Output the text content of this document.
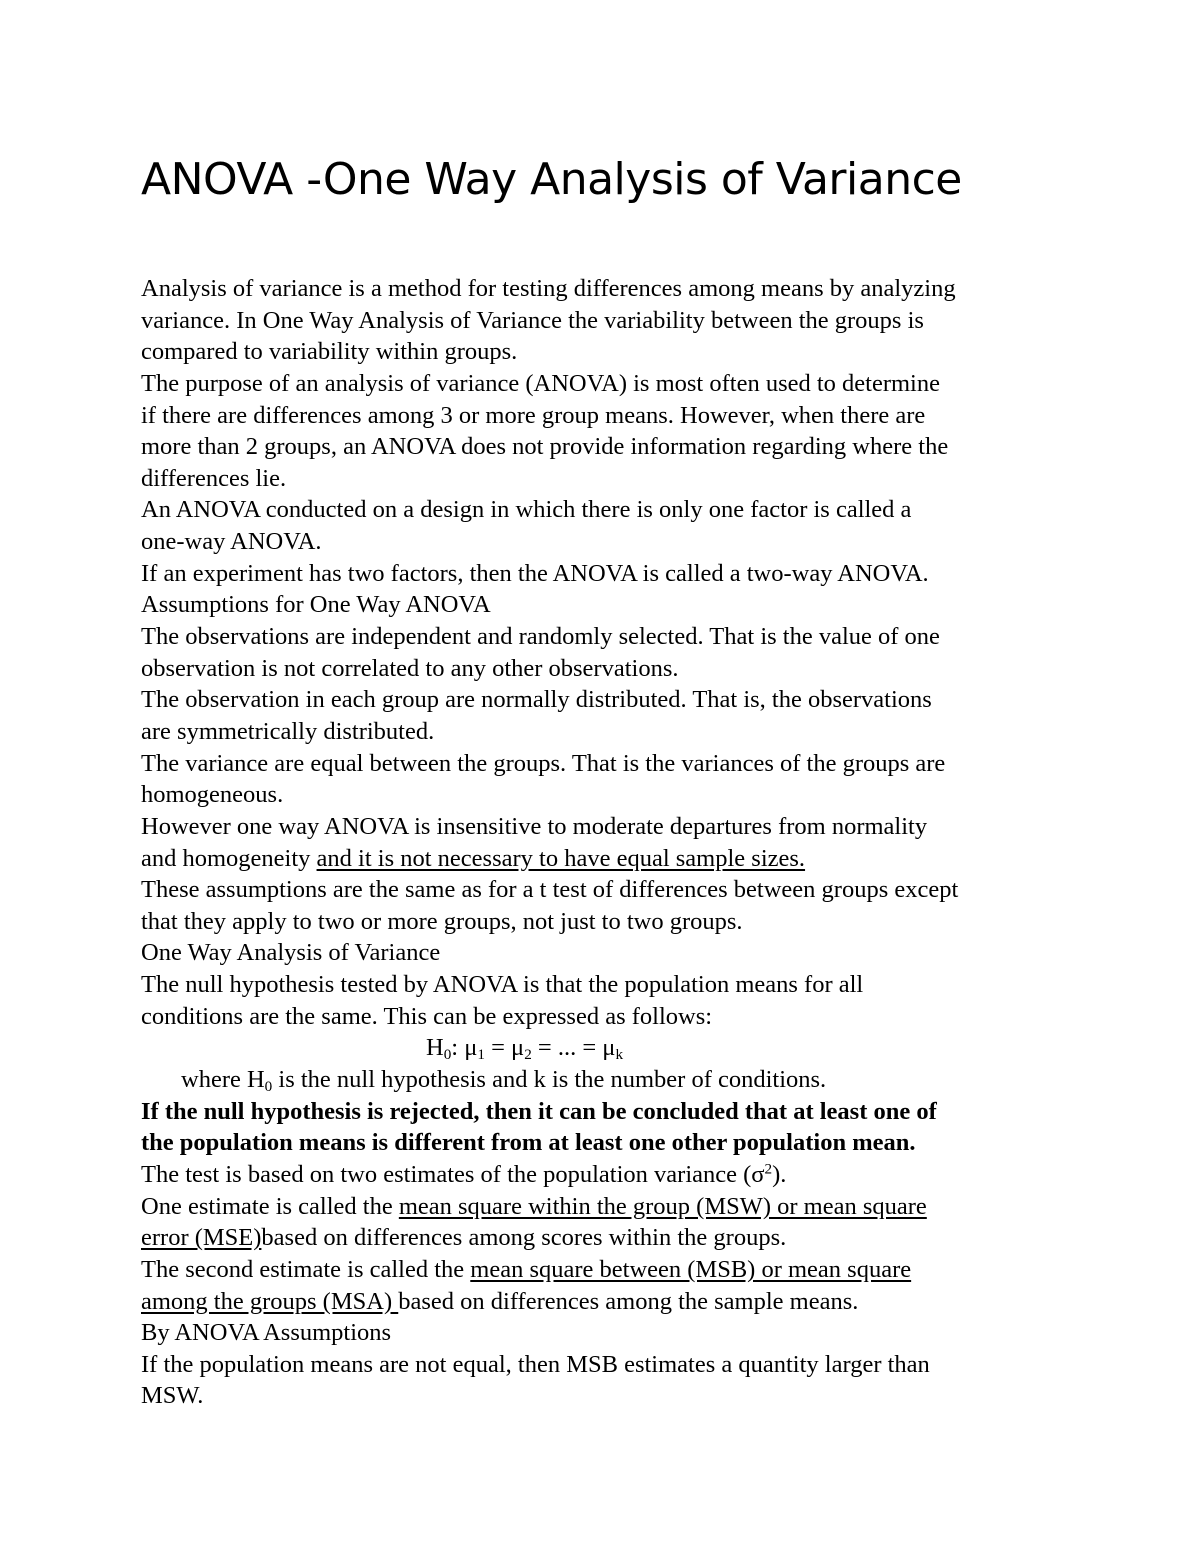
ANOVA -One Way Analysis of Variance
Analysis of variance is a method for testing differences among means by analyzing
variance. In One Way Analysis of Variance the variability between the groups is
compared to variability within groups.
The purpose of an analysis of variance (ANOVA) is most often used to determine
if there are differences among 3 or more group means. However, when there are
more than 2 groups, an ANOVA does not provide information regarding where the
differences lie.
An ANOVA conducted on a design in which there is only one factor is called a
one-way ANOVA.
If an experiment has two factors, then the ANOVA is called a two-way ANOVA.
Assumptions for One Way ANOVA
The observations are independent and randomly selected. That is the value of one
observation is not correlated to any other observations.
The observation in each group are normally distributed. That is, the observations
are symmetrically distributed.
The variance are equal between the groups. That is the variances of the groups are
homogeneous.
However one way ANOVA is insensitive to moderate departures from normality
and homogeneity and it is not necessary to have equal sample sizes.
These assumptions are the same as for a t test of differences between groups except
that they apply to two or more groups, not just to two groups.
One Way Analysis of Variance
The null hypothesis tested by ANOVA is that the population means for all
conditions are the same. This can be expressed as follows:
$H_0$: $\mu_1 = \mu_2$ = ... = $\mu_k$
where $H_0$ is the null hypothesis and k is the number of conditions.
If the null hypothesis is rejected, then it can be concluded that at least one of
the population means is different from at least one other population mean.
The test is based on two estimates of the population variance $(\sigma^2)$.
One estimate is called the mean square within the group (MSW) or mean square
error (MSE)based on differences among scores within the groups.
The second estimate is called the mean square between (MSB) or mean square
among the groups (MSA) based on differences among the sample means.
By ANOVA Assumptions
If the population means are not equal, then MSB estimates a quantity larger than
MSW.
